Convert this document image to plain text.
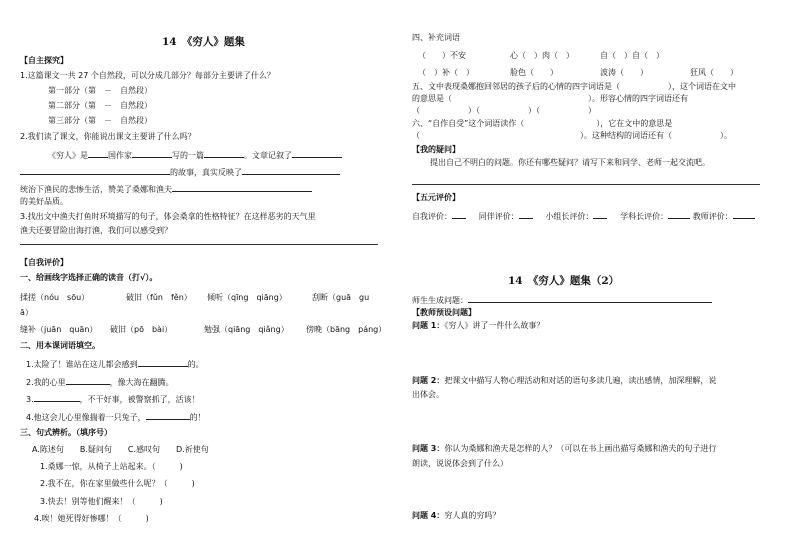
14　《穷人》题集
【自主探究】
1.这篇课文一共 27 个自然段，可以分成几部分？每部分主要讲了什么？
第一部分（第　－　自然段）
第二部分（第　－　自然段）
第三部分（第　－　自然段）
2.我们读了课文，你能说出课文主要讲了什么吗？
《穷人》是	国作家	写的一篇	。文章记叙了
的故事，真实反映了
统治下渔民的悲惨生活，赞美了桑娜和渔夫
的美好品质。
3.找出文中渔夫打鱼时环境描写的句子，体会桑拿的性格特征？在这样恶劣的天气里
渔夫还要冒险出海打渔，我们可以感受到？
【自我评价】
一、给画线字选择正确的读音（打√）。
揉搓（nóu　sōu）	破旧（fǔn　fěn） 倾听（qīng　qiāng）	刮断（guā　gu
ā）
缝补（juān　quān） 破旧（pō　bài）	勉强（qiāng　qiǎng） 傍晚（bāng　páng）
二、用本课词语填空。
1.太险了！谁站在这儿都会感到	的。
2.我的心里	，像大海在翻腾。
3.	，不干好事，被警察抓了，活该！
4.他这会儿心里像揣着一只兔子，	的！
三、句式辨析。（填序号）
A.陈述句　　B.疑问句　　C.感叹句　　D.祈使句
1.桑娜一惊，从椅子上站起来。（	)
2.我不在，你在家里做些什么呢？（	)
3.快去！别等他们醒来！（	)
4.唉！她死得好惨哪！（	)
四、补充词语
（　　）不安	心（　）肉（　）	自（　）自（　）
（　）补（　）	脸色（　　）	波涛（　　）	狂风（　　）
五、文中表现桑娜抱回邻居的孩子后的心情的四字词语是（　　　　　　），这个词语在文中
的意思是（　　　　　　　　　　　　　　　　　）。形容心情的四字词语还有
（　　　　　　）（　　　　　　）（　　　　　　）
六、“自作自受”这个词语读作（　　　　　　　　　），它在文中的意思是
（　　　　　　　　　　　　　　　　　　　　）。这种结构的词语还有（　　　　　　）。
【我的疑问】
提出自己不明白的问题。你还有哪些疑问？请写下来和同学、老师一起交流吧。
【五元评价】
自我评价：	同伴评价：	小组长评价：	学科长评价：	教师评价：
14　《穷人》题集（2）
师生生成问题：
【教师预设问题】
问题 1：《穷人》讲了一件什么故事？
问题 2：把课文中描写人物心理活动和对话的语句多读几遍，读出感情，加深理解，说
出体会。
问题 3：你认为桑娜和渔夫是怎样的人？（可以在书上画出描写桑娜和渔夫的句子进行
朗读，说说体会到了什么）
问题 4：穷人真的穷吗？
